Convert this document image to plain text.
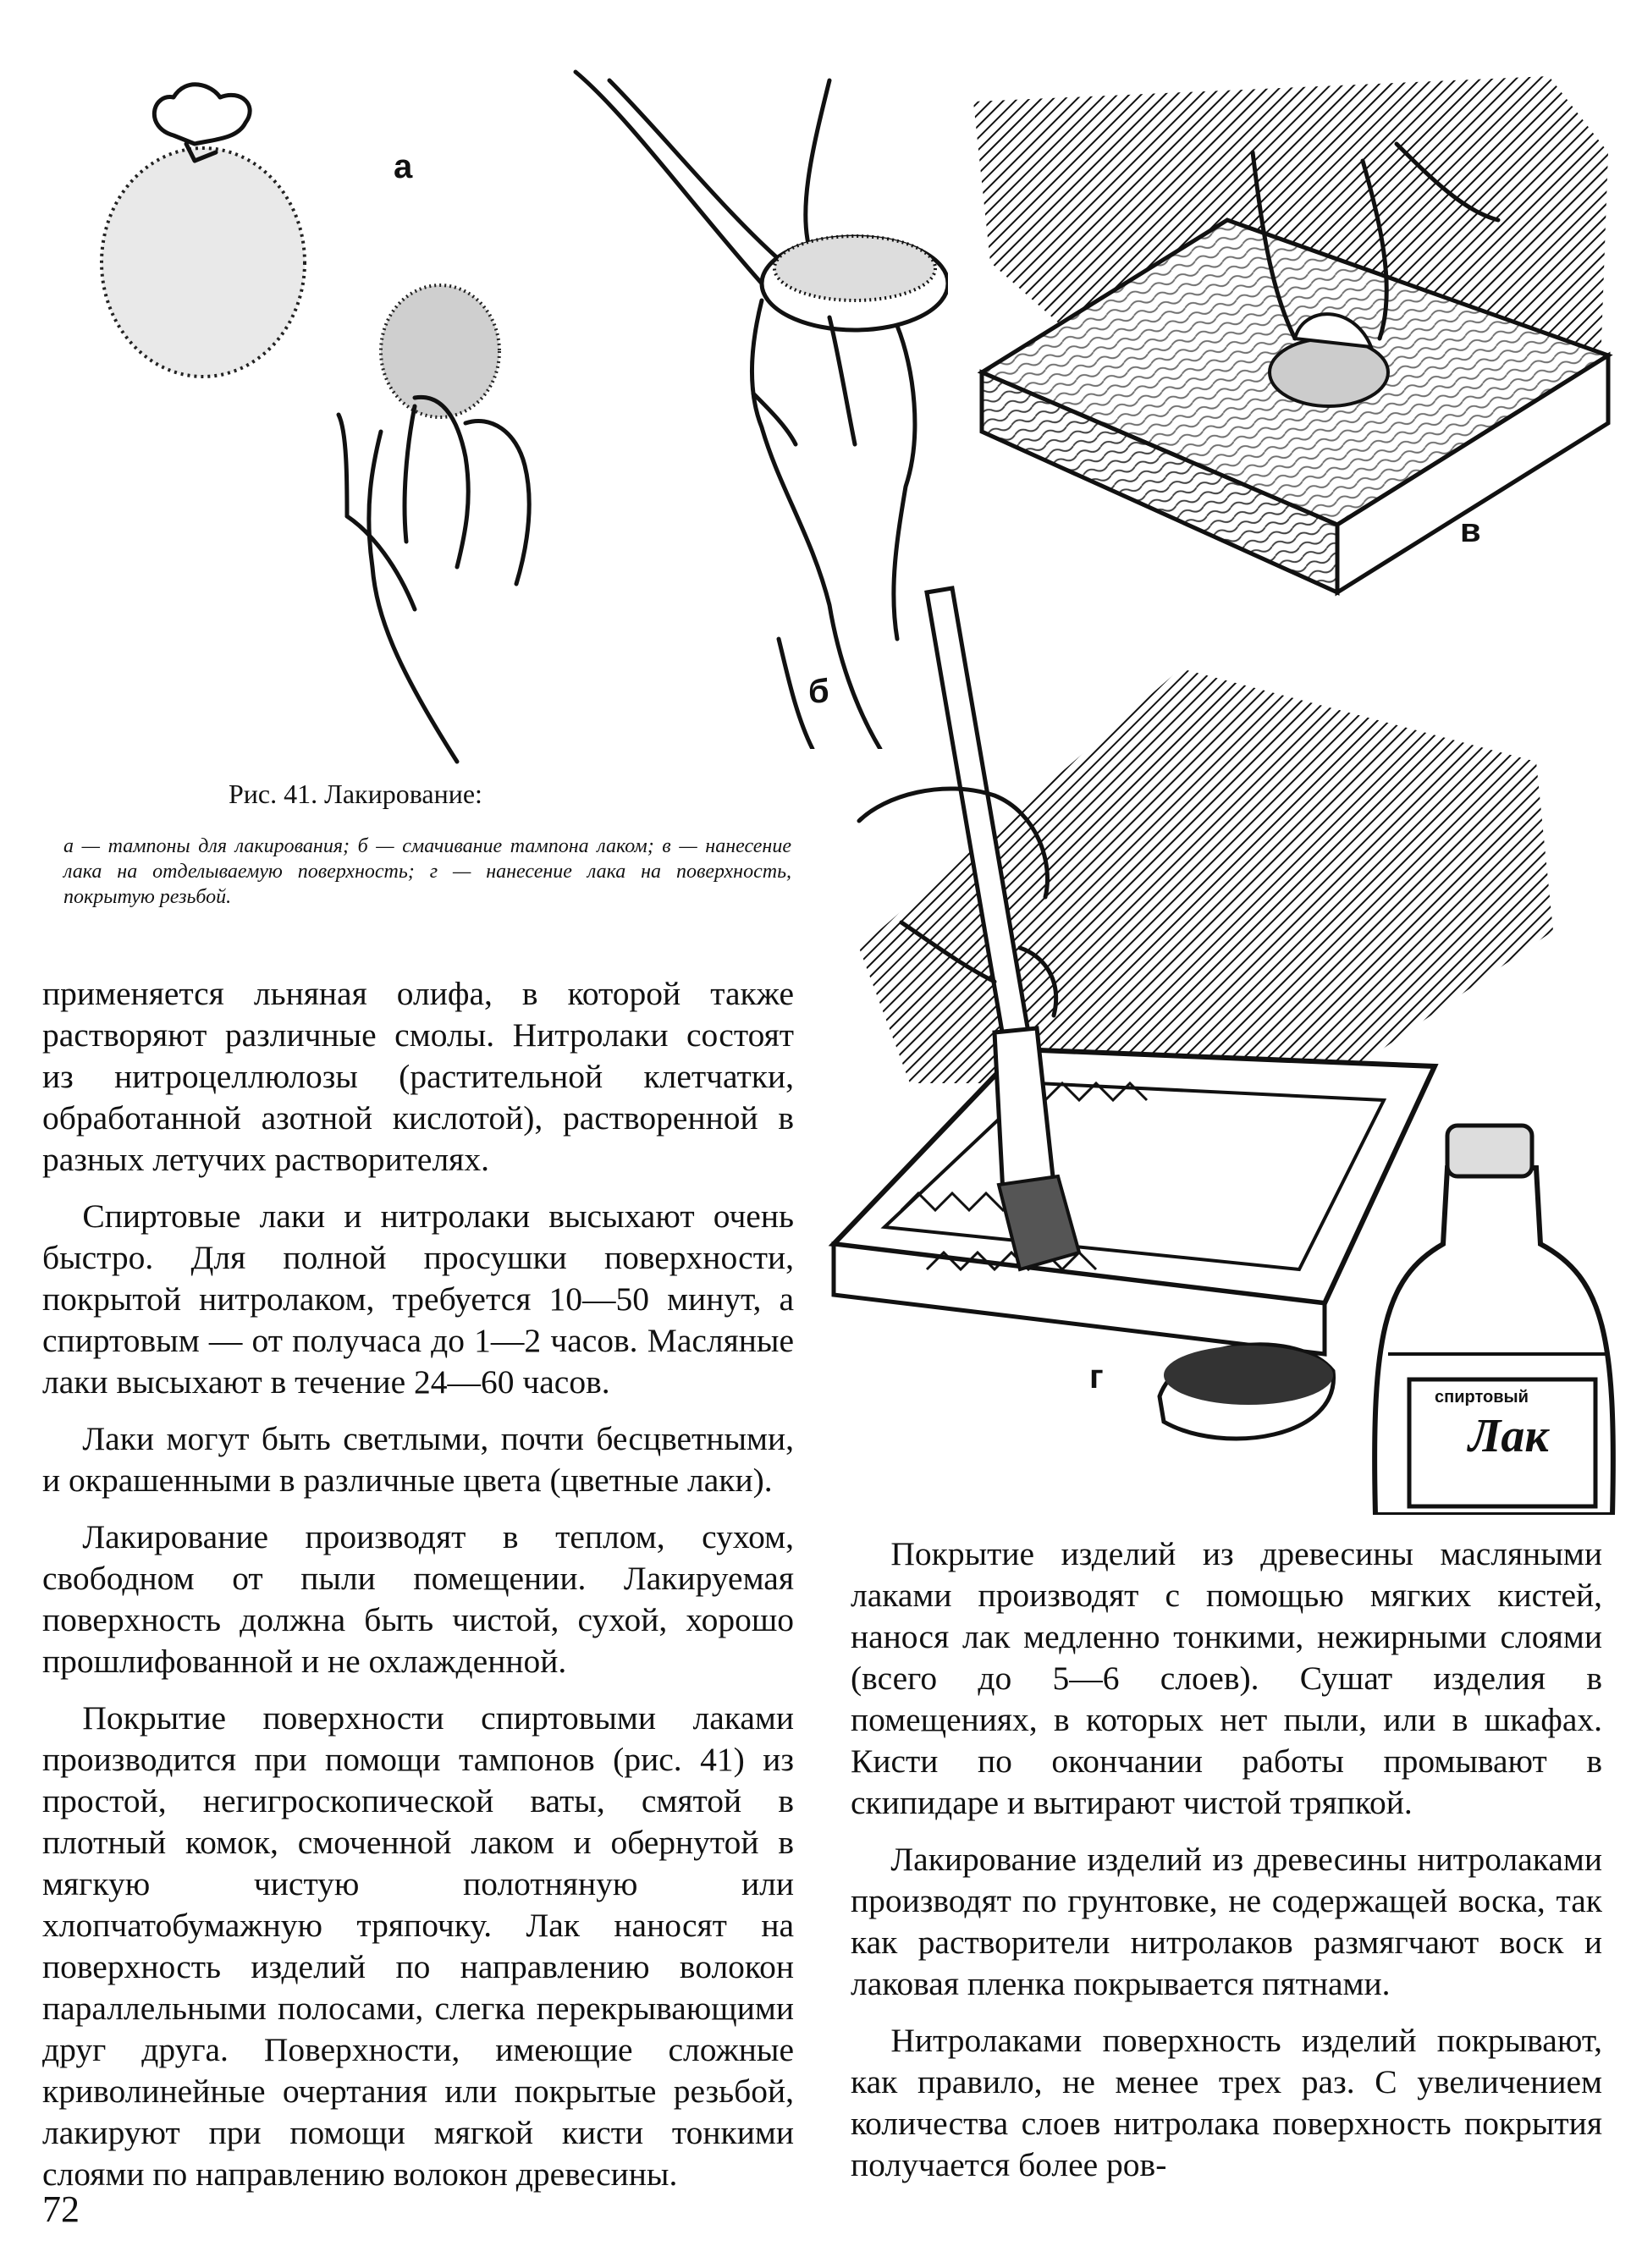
а
б
в
Рис. 41. Лакирование:
а — тампоны для лакирования; б — смачивание тампона лаком; в — нанесение лака на отделываемую поверхность; г — нанесение лака на поверхность, покрытую резьбой.
спиртовый
Лак
г

применяется льняная олифа, в которой также растворяют различные смолы. Нитролаки состоят из нитроцеллюлозы (растительной клетчатки, обработанной азотной кислотой), растворенной в разных летучих растворителях.

Спиртовые лаки и нитролаки высыхают очень быстро. Для полной просушки поверхности, покрытой нитролаком, требуется 10—50 минут, а спиртовым — от получаса до 1—2 часов. Масляные лаки высыхают в течение 24—60 часов.

Лаки могут быть светлыми, почти бесцветными, и окрашенными в различные цвета (цветные лаки).

Лакирование производят в теплом, сухом, свободном от пыли помещении. Лакируемая поверхность должна быть чистой, сухой, хорошо прошлифованной и не охлажденной.

Покрытие поверхности спиртовыми лаками производится при помощи тампонов (рис. 41) из простой, негигроскопической ваты, смятой в плотный комок, смоченной лаком и обернутой в мягкую чистую полотняную или хлопчатобумажную тряпочку. Лак наносят на поверхность изделий по направлению волокон параллельными полосами, слегка перекрывающими друг друга. Поверхности, имеющие сложные криволинейные очертания или покрытые резьбой, лакируют при помощи мягкой кисти тонкими слоями по направлению волокон древесины.

Покрытие изделий из древесины масляными лаками производят с помощью мягких кистей, нанося лак медленно тонкими, нежирными слоями (всего до 5—6 слоев). Сушат изделия в помещениях, в которых нет пыли, или в шкафах. Кисти по окончании работы промывают в скипидаре и вытирают чистой тряпкой.

Лакирование изделий из древесины нитролаками производят по грунтовке, не содержащей воска, так как растворители нитролаков размягчают воск и лаковая пленка покрывается пятнами.

Нитролаками поверхность изделий покрывают, как правило, не менее трех раз. С увеличением количества слоев нитролака поверхность покрытия получается более ров-

72
